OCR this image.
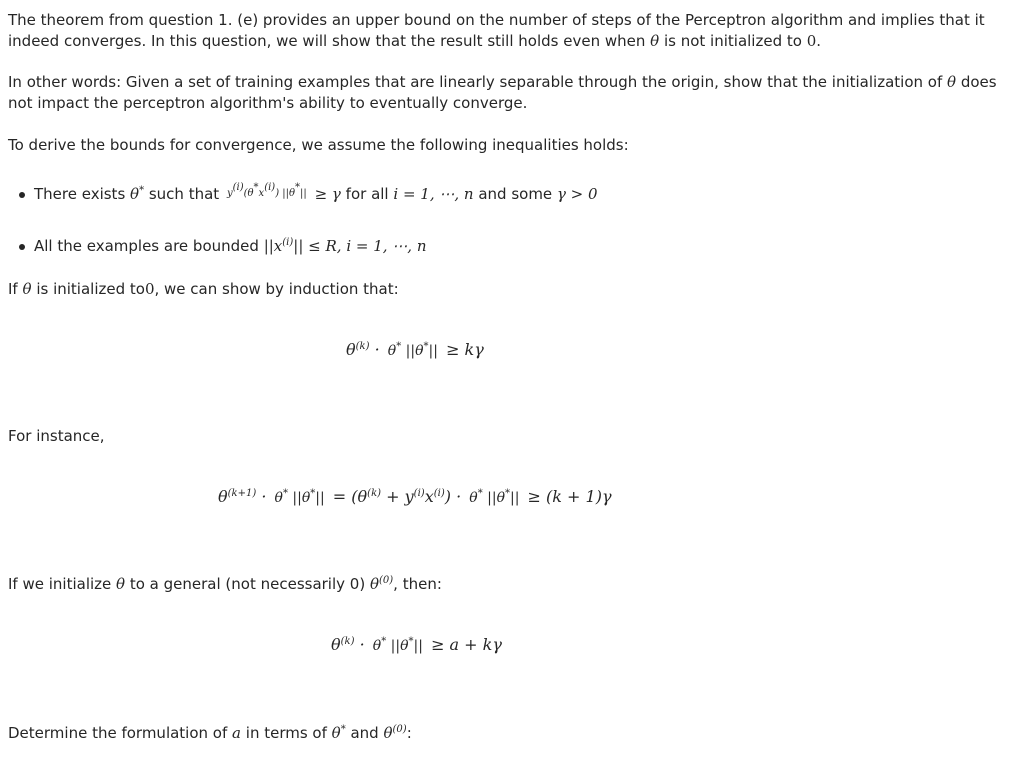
The theorem from question 1. (e) provides an upper bound on the number of steps of the Perceptron algorithm and implies that it indeed converges. In this question, we will show that the result still holds even when θ is not initialized to 0.

In other words: Given a set of training examples that are linearly separable through the origin, show that the initialization of θ does not impact the perceptron algorithm's ability to eventually converge.

To derive the bounds for convergence, we assume the following inequalities holds:

There exists θ* such that $y^{(i)}(\theta^*x^{(i)}) ||\theta^*|| \ge \gamma$ for all i = 1, ⋯, n and some γ > 0
All the examples are bounded $||x^{(i)}|| \le R$, i = 1, ⋯, n

If θ is initialized to0, we can show by induction that:

$\theta^{(k)} \cdot \theta^*$ ||θ*|| ≥ kγ

For instance,

$\theta^{(k+1)} \cdot \theta^*$ $||\theta^*|| = (\theta^{(k)} + y^{(i)}x^{(i)}) \cdot \theta^*$ ||θ*|| ≥ (k + 1)γ

If we initialize θ to a general (not necessarily 0) $\theta^{(0)}$, then:

$\theta^{(k)} \cdot \theta^*$ ||θ*|| ≥ a + kγ

Determine the formulation of a in terms of θ* and $\theta^{(0)}$:
